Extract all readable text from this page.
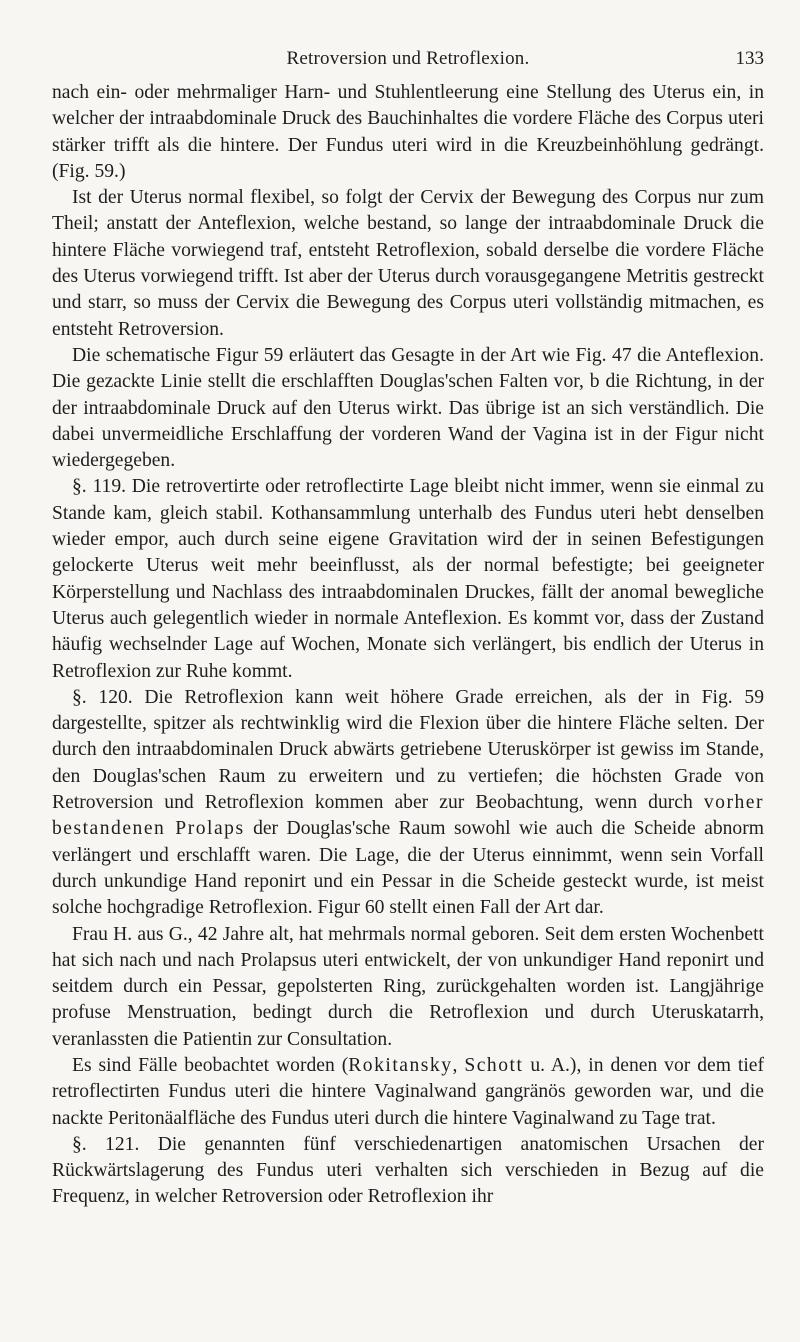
Retroversion und Retroflexion.	133

nach ein- oder mehrmaliger Harn- und Stuhlentleerung eine Stellung des Uterus ein, in welcher der intraabdominale Druck des Bauchinhaltes die vordere Fläche des Corpus uteri stärker trifft als die hintere. Der Fundus uteri wird in die Kreuzbeinhöhlung gedrängt. (Fig. 59.)

Ist der Uterus normal flexibel, so folgt der Cervix der Bewegung des Corpus nur zum Theil; anstatt der Anteflexion, welche bestand, so lange der intraabdominale Druck die hintere Fläche vorwiegend traf, entsteht Retroflexion, sobald derselbe die vordere Fläche des Uterus vorwiegend trifft. Ist aber der Uterus durch vorausgegangene Metritis gestreckt und starr, so muss der Cervix die Bewegung des Corpus uteri vollständig mitmachen, es entsteht Retroversion.

Die schematische Figur 59 erläutert das Gesagte in der Art wie Fig. 47 die Anteflexion. Die gezackte Linie stellt die erschlafften Douglas'schen Falten vor, b die Richtung, in der der intraabdominale Druck auf den Uterus wirkt. Das übrige ist an sich verständlich. Die dabei unvermeidliche Erschlaffung der vorderen Wand der Vagina ist in der Figur nicht wiedergegeben.

§. 119. Die retrovertirte oder retroflectirte Lage bleibt nicht immer, wenn sie einmal zu Stande kam, gleich stabil. Kothansammlung unterhalb des Fundus uteri hebt denselben wieder empor, auch durch seine eigene Gravitation wird der in seinen Befestigungen gelockerte Uterus weit mehr beeinflusst, als der normal befestigte; bei geeigneter Körperstellung und Nachlass des intraabdominalen Druckes, fällt der anomal bewegliche Uterus auch gelegentlich wieder in normale Anteflexion. Es kommt vor, dass der Zustand häufig wechselnder Lage auf Wochen, Monate sich verlängert, bis endlich der Uterus in Retroflexion zur Ruhe kommt.

§. 120. Die Retroflexion kann weit höhere Grade erreichen, als der in Fig. 59 dargestellte, spitzer als rechtwinklig wird die Flexion über die hintere Fläche selten. Der durch den intraabdominalen Druck abwärts getriebene Uteruskörper ist gewiss im Stande, den Douglas'schen Raum zu erweitern und zu vertiefen; die höchsten Grade von Retroversion und Retroflexion kommen aber zur Beobachtung, wenn durch vorher bestandenen Prolaps der Douglas'sche Raum sowohl wie auch die Scheide abnorm verlängert und erschlafft waren. Die Lage, die der Uterus einnimmt, wenn sein Vorfall durch unkundige Hand reponirt und ein Pessar in die Scheide gesteckt wurde, ist meist solche hochgradige Retroflexion. Figur 60 stellt einen Fall der Art dar.

Frau H. aus G., 42 Jahre alt, hat mehrmals normal geboren. Seit dem ersten Wochenbett hat sich nach und nach Prolapsus uteri entwickelt, der von unkundiger Hand reponirt und seitdem durch ein Pessar, gepolsterten Ring, zurückgehalten worden ist. Langjährige profuse Menstruation, bedingt durch die Retroflexion und durch Uteruskatarrh, veranlassten die Patientin zur Consultation.

Es sind Fälle beobachtet worden (Rokitansky, Schott u. A.), in denen vor dem tief retroflectirten Fundus uteri die hintere Vaginalwand gangränös geworden war, und die nackte Peritonäalfläche des Fundus uteri durch die hintere Vaginalwand zu Tage trat.

§. 121. Die genannten fünf verschiedenartigen anatomischen Ursachen der Rückwärtslagerung des Fundus uteri verhalten sich verschieden in Bezug auf die Frequenz, in welcher Retroversion oder Retroflexion ihr
